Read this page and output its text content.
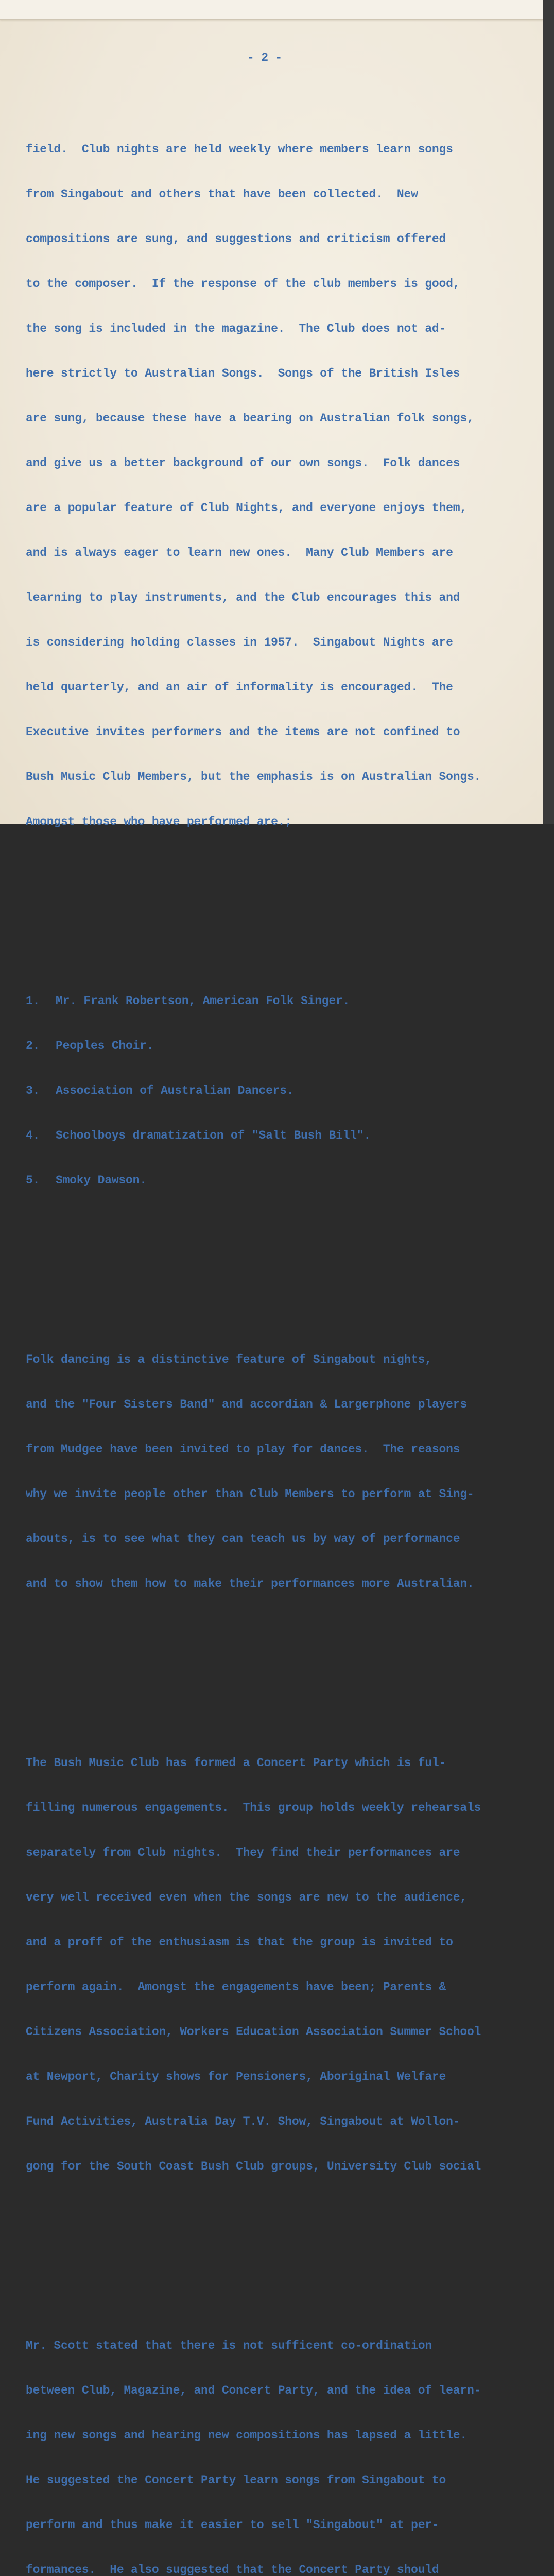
- 2 -

field.  Club nights are held weekly where members learn songs

from Singabout and others that have been collected.  New

compositions are sung, and suggestions and criticism offered

to the composer.  If the response of the club members is good,

the song is included in the magazine.  The Club does not ad-

here strictly to Australian Songs.  Songs of the British Isles

are sung, because these have a bearing on Australian folk songs,

and give us a better background of our own songs.  Folk dances

are a popular feature of Club Nights, and everyone enjoys them,

and is always eager to learn new ones.  Many Club Members are

learning to play instruments, and the Club encourages this and

is considering holding classes in 1957.  Singabout Nights are

held quarterly, and an air of informality is encouraged.  The

Executive invites performers and the items are not confined to

Bush Music Club Members, but the emphasis is on Australian Songs.

Amongst those who have performed are.;

1. Mr. Frank Robertson, American Folk Singer.

2. Peoples Choir.

3. Association of Australian Dancers.

4. Schoolboys dramatization of "Salt Bush Bill".

5. Smoky Dawson.

Folk dancing is a distinctive feature of Singabout nights,

and the "Four Sisters Band" and accordian & Largerphone players

from Mudgee have been invited to play for dances.  The reasons

why we invite people other than Club Members to perform at Sing-

abouts, is to see what they can teach us by way of performance

and to show them how to make their performances more Australian.

The Bush Music Club has formed a Concert Party which is ful-

filling numerous engagements.  This group holds weekly rehearsals

separately from Club nights.  They find their performances are

very well received even when the songs are new to the audience,

and a proff of the enthusiasm is that the group is invited to

perform again.  Amongst the engagements have been; Parents &

Citizens Association, Workers Education Association Summer School

at Newport, Charity shows for Pensioners, Aboriginal Welfare

Fund Activities, Australia Day T.V. Show, Singabout at Wollon-

gong for the South Coast Bush Club groups, University Club social

Mr. Scott stated that there is not sufficent co-ordination

between Club, Magazine, and Concert Party, and the idea of learn-

ing new songs and hearing new compositions has lapsed a little.

He suggested the Concert Party learn songs from Singabout to

perform and thus make it easier to sell "Singabout" at per-

formances.  He also suggested that the Concert Party should
